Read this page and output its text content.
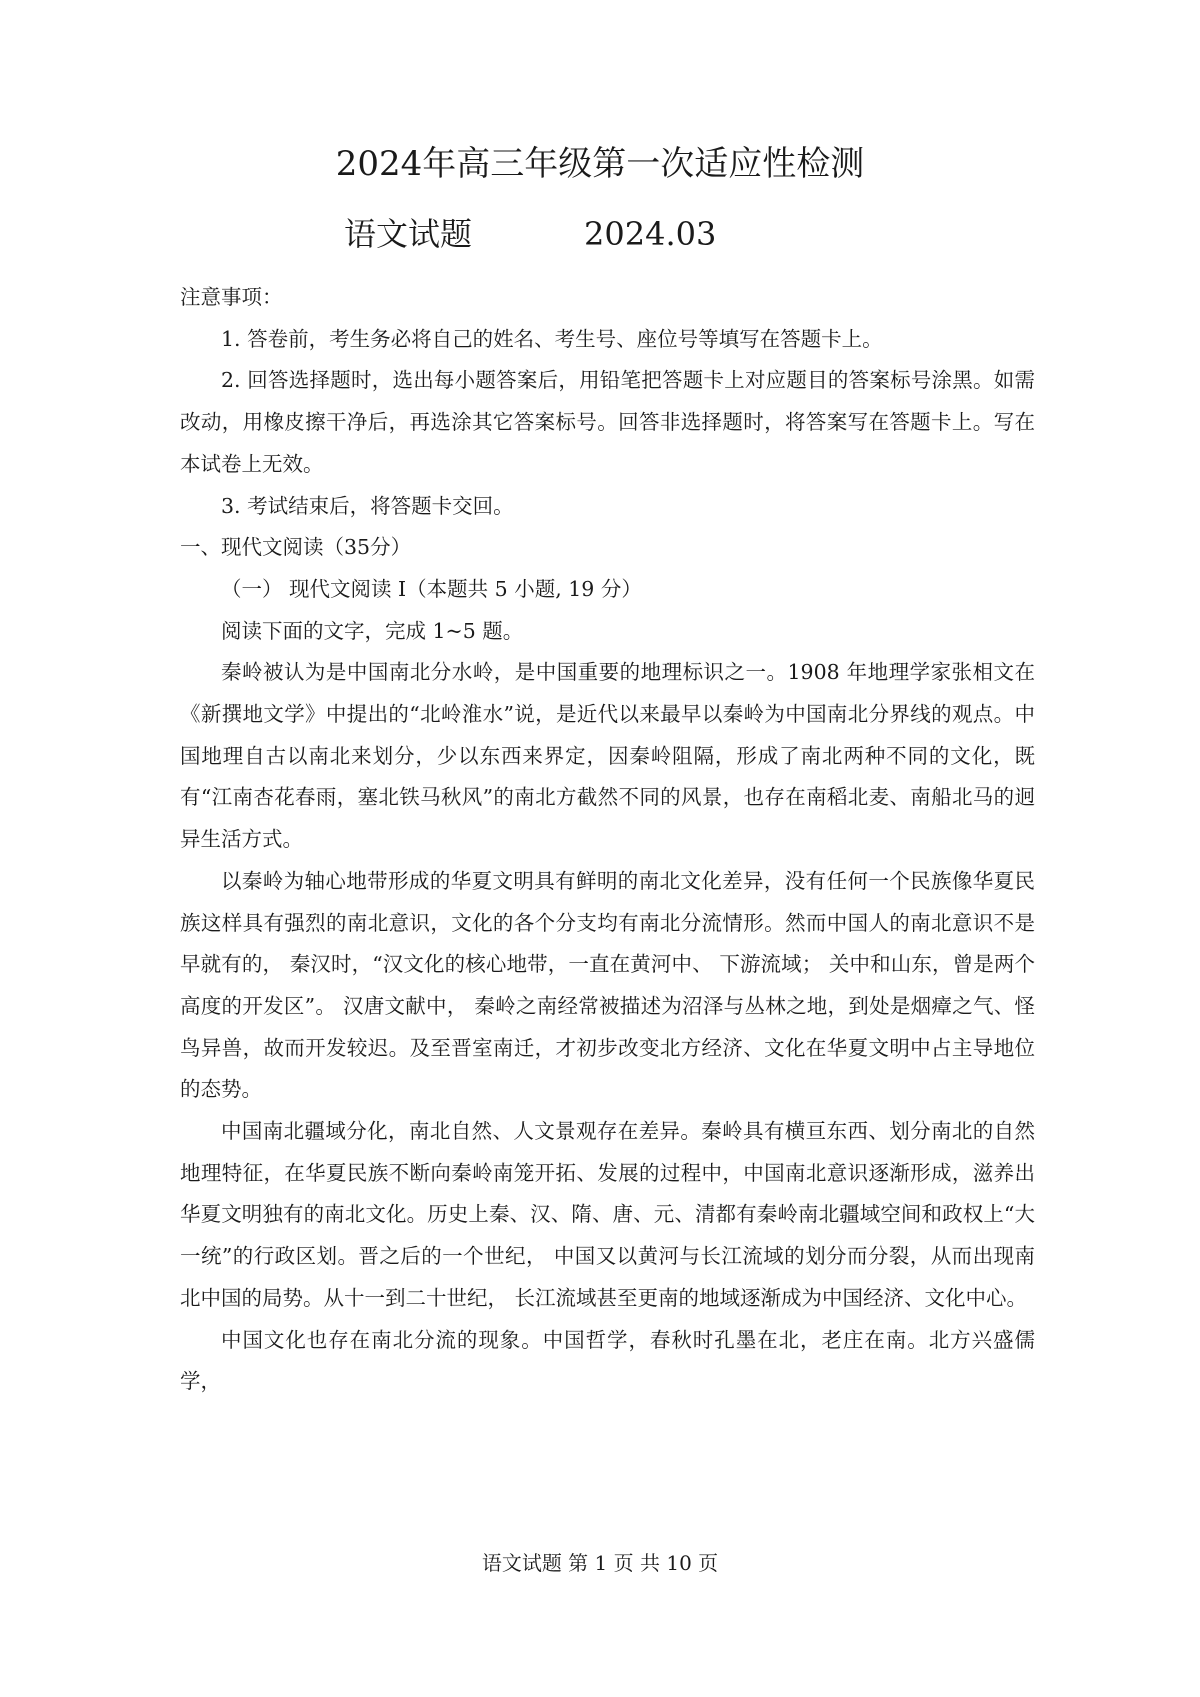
2024年高三年级第一次适应性检测
语文试题	2024.03

注意事项：

1. 答卷前，考生务必将自己的姓名、考生号、座位号等填写在答题卡上。

2. 回答选择题时，选出每小题答案后，用铅笔把答题卡上对应题目的答案标号涂黑。如需改动，用橡皮擦干净后，再选涂其它答案标号。回答非选择题时，将答案写在答题卡上。写在本试卷上无效。

3. 考试结束后，将答题卡交回。

一、现代文阅读（35分）

（一） 现代文阅读 I（本题共 5 小题, 19 分）

阅读下面的文字，完成 1~5 题。

秦岭被认为是中国南北分水岭，是中国重要的地理标识之一。1908 年地理学家张相文在《新撰地文学》中提出的“北岭淮水”说，是近代以来最早以秦岭为中国南北分界线的观点。中国地理自古以南北来划分，少以东西来界定，因秦岭阻隔，形成了南北两种不同的文化，既有“江南杏花春雨，塞北铁马秋风”的南北方截然不同的风景，也存在南稻北麦、南船北马的迥异生活方式。

以秦岭为轴心地带形成的华夏文明具有鲜明的南北文化差异，没有任何一个民族像华夏民族这样具有强烈的南北意识，文化的各个分支均有南北分流情形。然而中国人的南北意识不是早就有的， 秦汉时，“汉文化的核心地带，一直在黄河中、 下游流域； 关中和山东，曾是两个高度的开发区”。 汉唐文献中， 秦岭之南经常被描述为沼泽与丛林之地，到处是烟瘴之气、怪鸟异兽，故而开发较迟。及至晋室南迁，才初步改变北方经济、文化在华夏文明中占主导地位的态势。

中国南北疆域分化，南北自然、人文景观存在差异。秦岭具有横亘东西、划分南北的自然地理特征，在华夏民族不断向秦岭南笼开拓、发展的过程中，中国南北意识逐渐形成，滋养出华夏文明独有的南北文化。历史上秦、汉、隋、唐、元、清都有秦岭南北疆域空间和政权上“大一统”的行政区划。晋之后的一个世纪， 中国又以黄河与长江流域的划分而分裂，从而出现南北中国的局势。从十一到二十世纪， 长江流域甚至更南的地域逐渐成为中国经济、文化中心。

中国文化也存在南北分流的现象。中国哲学，春秋时孔墨在北，老庄在南。北方兴盛儒学，

语文试题 第 1 页 共 10 页
